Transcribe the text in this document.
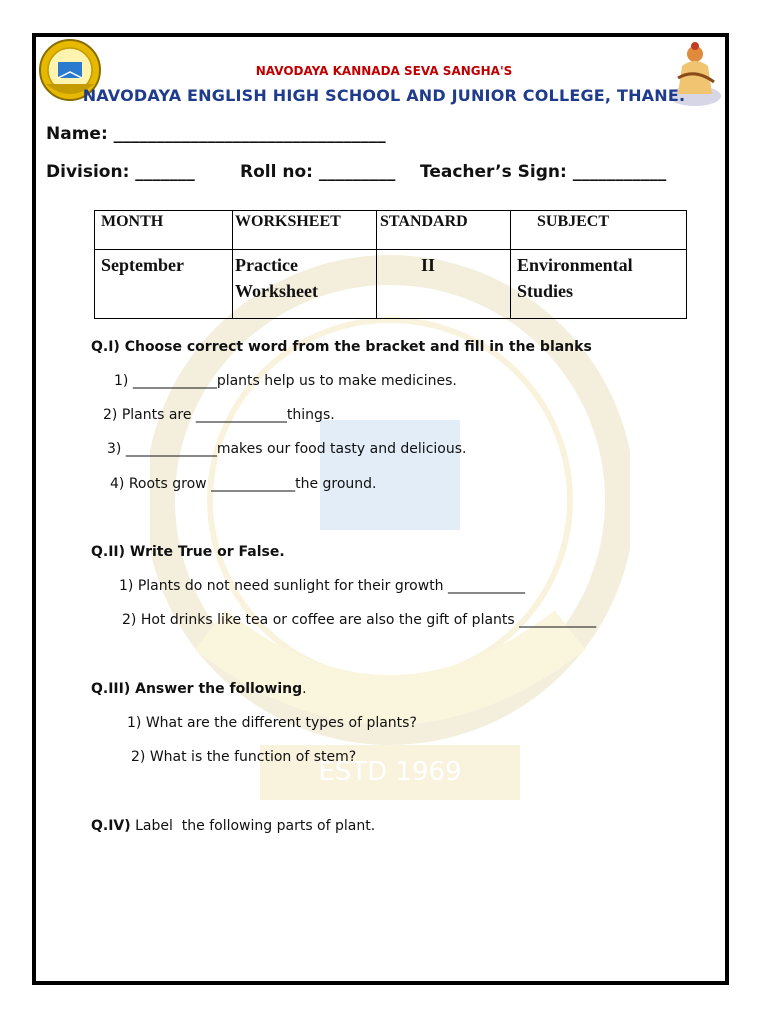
ESTD 1969
NAVODAYA KANNADA SEVA SANGHA'S
NAVODAYA ENGLISH HIGH SCHOOL AND JUNIOR COLLEGE, THANE.
Name: ________________________________
Division: _______	Roll no: _________ Teacher’s Sign: ___________
MONTH	WORKSHEET	STANDARD	SUBJECT
September	Practice Worksheet	II	Environmental Studies
Q.I) Choose correct word from the bracket and fill in the blanks
1) ____________plants help us to make medicines.
2) Plants are _____________things.
3) _____________makes our food tasty and delicious.
4) Roots grow ____________the ground.
Q.II) Write True or False.
1) Plants do not need sunlight for their growth ___________
2) Hot drinks like tea or coffee are also the gift of plants ___________
Q.III) Answer the following.
1) What are the different types of plants?
2) What is the function of stem?
Q.IV) Label  the following parts of plant.
